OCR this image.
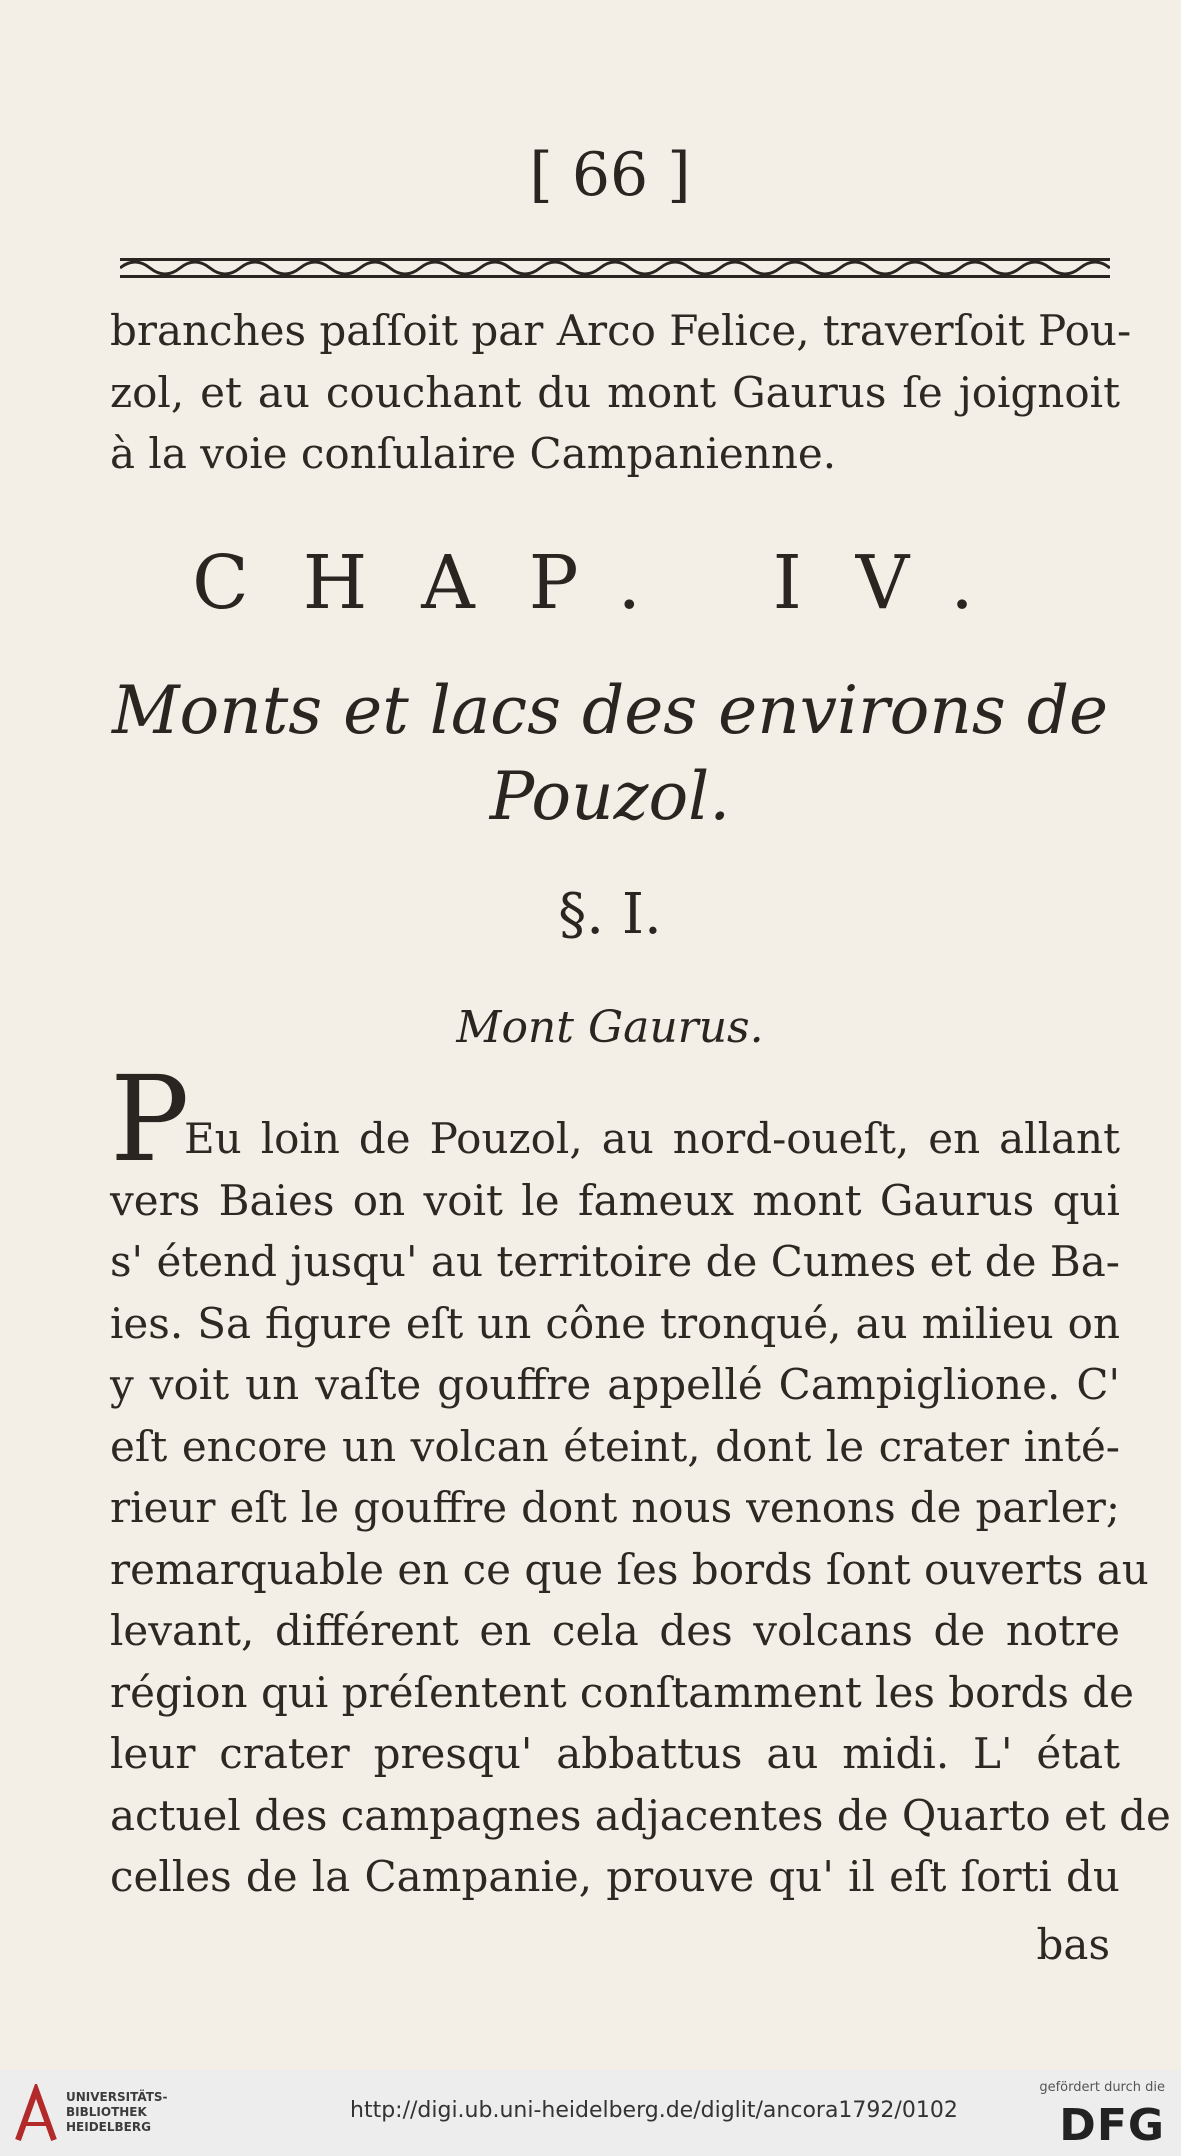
[ 66 ]
branches paſſoit par Arco Felice, traverſoit Pou-
zol, et au couchant du mont Gaurus ſe joignoit
à la voie conſulaire Campanienne.
CHAP. IV.
Monts et lacs des environs de
Pouzol.
§. I.
Mont Gaurus.
P
Eu loin de Pouzol, au nord-oueſt, en allant
vers Baies on voit le fameux mont Gaurus qui
s' étend jusqu' au territoire de Cumes et de Ba-
ies. Sa figure eſt un cône tronqué, au milieu on
y voit un vaſte gouffre appellé Campiglione. C'
eſt encore un volcan éteint, dont le crater inté-
rieur eſt le gouffre dont nous venons de parler;
remarquable en ce que ſes bords ſont ouverts au
levant, différent en cela des volcans de notre
région qui préſentent conſtamment les bords de
leur crater presqu' abbattus au midi. L' état
actuel des campagnes adjacentes de Quarto et de
celles de la Campanie, prouve qu' il eſt ſorti du
bas
UNIVERSITÄTS-
BIBLIOTHEK
HEIDELBERG
http://digi.ub.uni-heidelberg.de/diglit/ancora1792/0102
gefördert durch die
DFG
